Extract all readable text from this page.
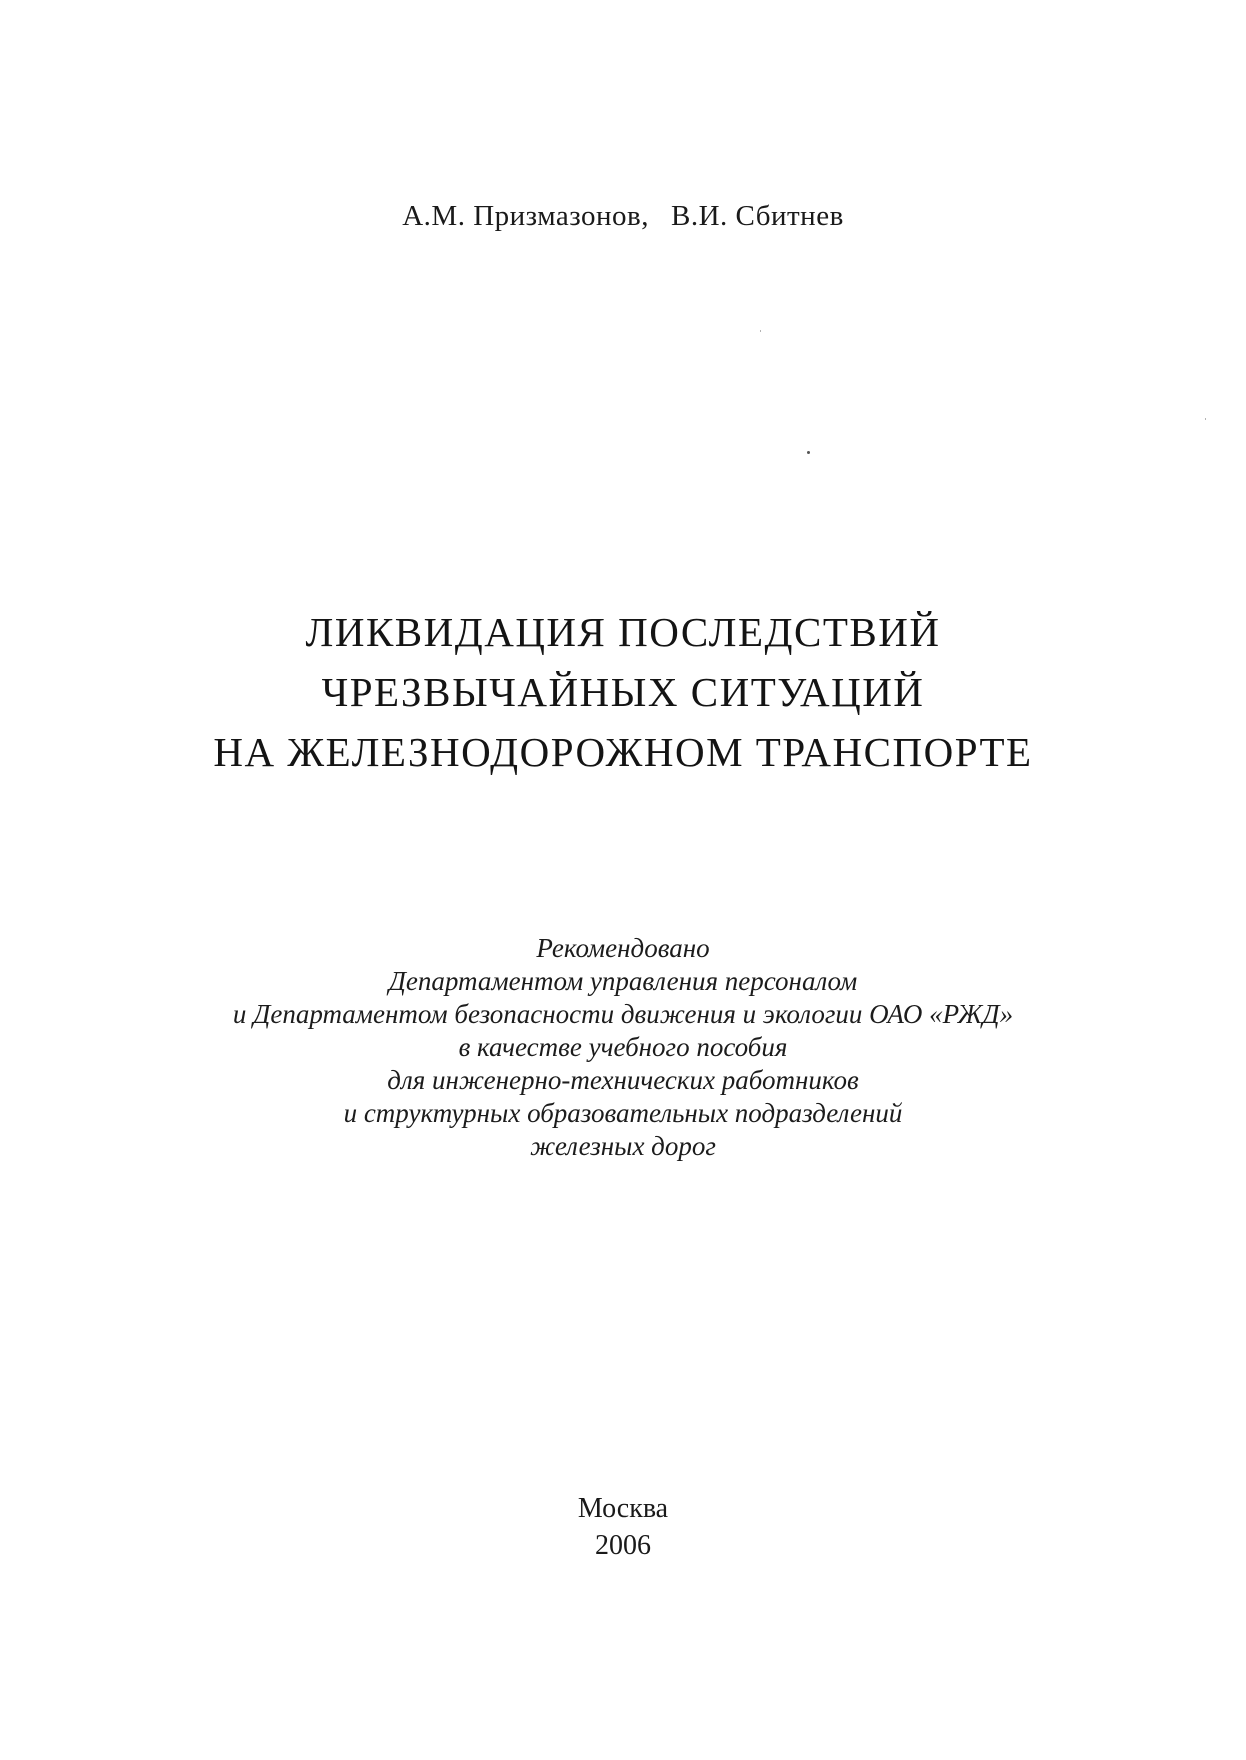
А.М. Призмазонов, В.И. Сбитнев
ЛИКВИДАЦИЯ ПОСЛЕДСТВИЙ
ЧРЕЗВЫЧАЙНЫХ СИТУАЦИЙ
НА ЖЕЛЕЗНОДОРОЖНОМ ТРАНСПОРТЕ
Рекомендовано
Департаментом управления персоналом
и Департаментом безопасности движения и экологии ОАО «РЖД»
в качестве учебного пособия
для инженерно-технических работников
и структурных образовательных подразделений
железных дорог
Москва
2006
